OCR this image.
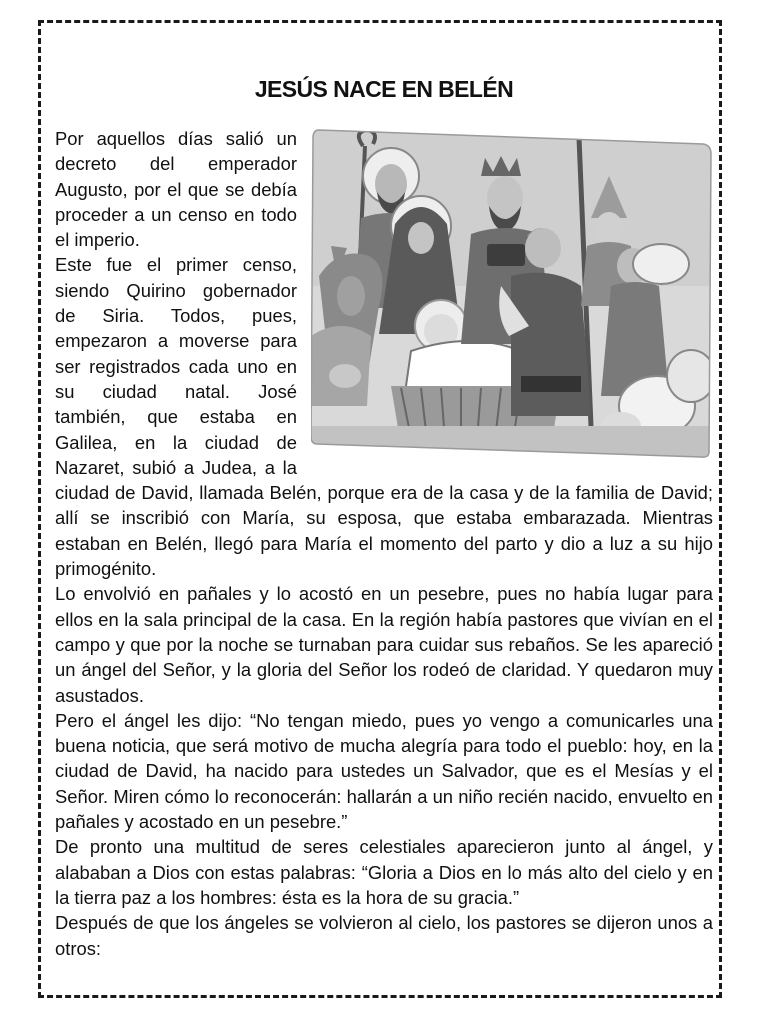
JESÚS NACE EN BELÉN

Por aquellos días salió un decreto del emperador Augusto, por el que se debía proceder a un censo en todo el imperio.

Este fue el primer censo, siendo Quirino gobernador de Siria. Todos, pues, empezaron a moverse para ser registrados cada uno en su ciudad natal. José también, que estaba en Galilea, en la ciudad de Nazaret, subió a Judea, a la ciudad de David, llamada Belén, porque era de la casa y de la familia de David; allí se inscribió con María, su esposa, que estaba embarazada. Mientras estaban en Belén, llegó para María el momento del parto y dio a luz a su hijo primogénito.

Lo envolvió en pañales y lo acostó en un pesebre, pues no había lugar para ellos en la sala principal de la casa. En la región había pastores que vivían en el campo y que por la noche se turnaban para cuidar sus rebaños. Se les apareció un ángel del Señor, y la gloria del Señor los rodeó de claridad. Y quedaron muy asustados.

Pero el ángel les dijo: “No tengan miedo, pues yo vengo a comunicarles una buena noticia, que será motivo de mucha alegría para todo el pueblo: hoy, en la ciudad de David, ha nacido para ustedes un Salvador, que es el Mesías y el Señor. Miren cómo lo reconocerán: hallarán a un niño recién nacido, envuelto en pañales y acostado en un pesebre.”

De pronto una multitud de seres celestiales aparecieron junto al ángel, y alababan a Dios con estas palabras: “Gloria a Dios en lo más alto del cielo y en la tierra paz a los hombres: ésta es la hora de su gracia.”

Después de que los ángeles se volvieron al cielo, los pastores se dijeron unos a otros:
